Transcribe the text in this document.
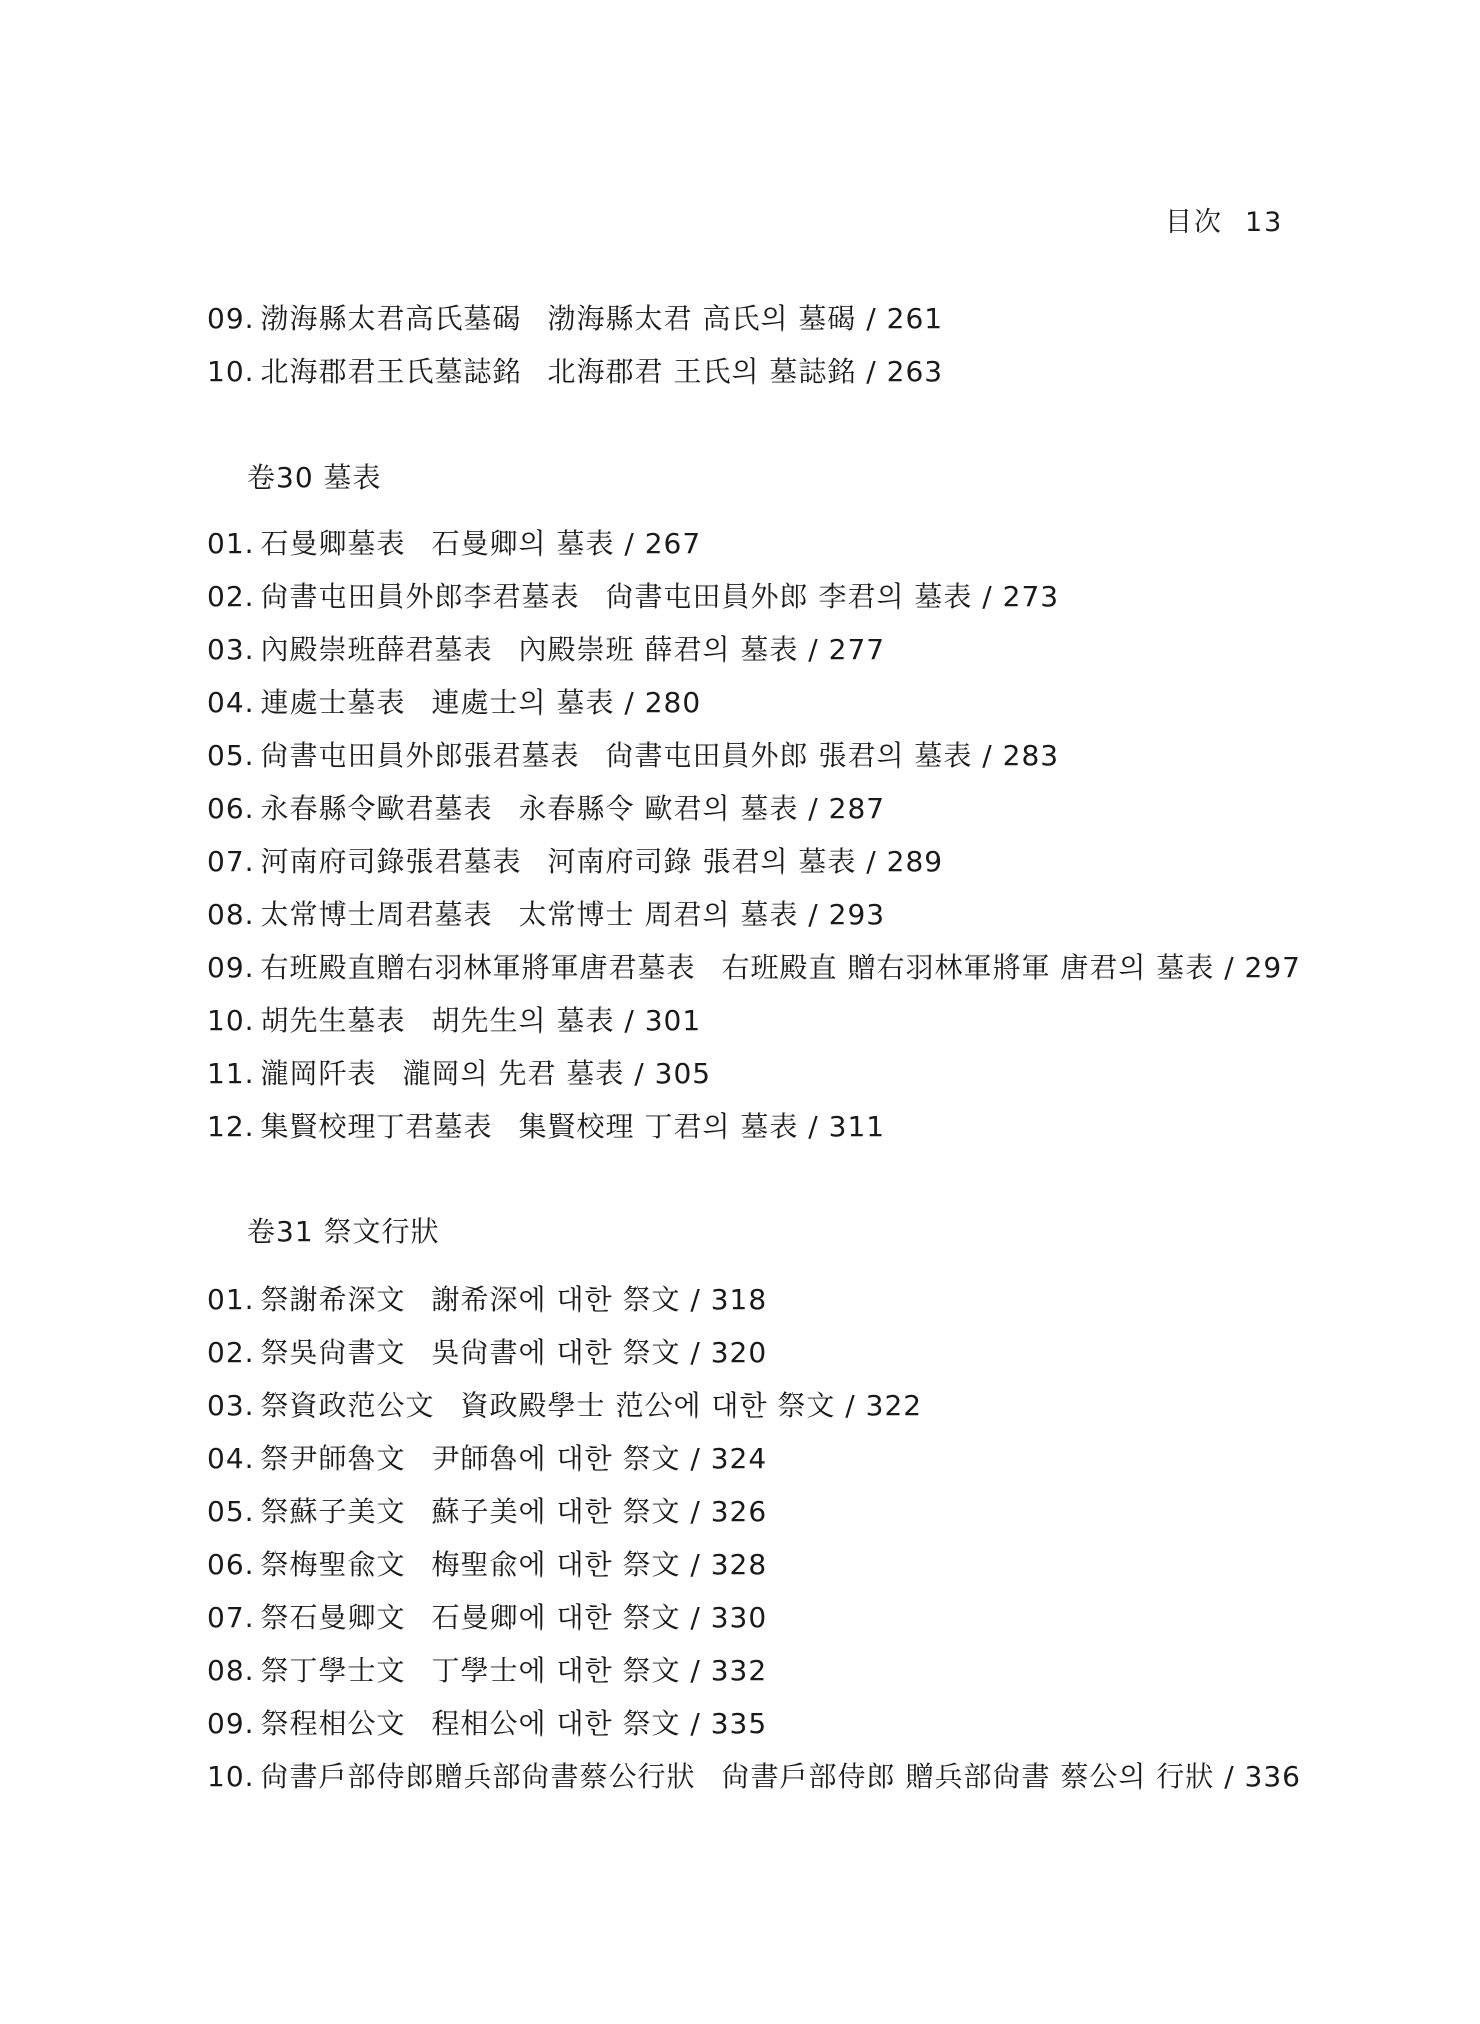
目次 13
09. 渤海縣太君高氏墓碣 渤海縣太君 高氏의 墓碣 / 261
10. 北海郡君王氏墓誌銘 北海郡君 王氏의 墓誌銘 / 263
卷30 墓表
01. 石曼卿墓表 石曼卿의 墓表 / 267
02. 尙書屯田員外郎李君墓表 尙書屯田員外郎 李君의 墓表 / 273
03. 內殿崇班薛君墓表 內殿崇班 薛君의 墓表 / 277
04. 連處士墓表 連處士의 墓表 / 280
05. 尙書屯田員外郎張君墓表 尙書屯田員外郎 張君의 墓表 / 283
06. 永春縣令歐君墓表 永春縣令 歐君의 墓表 / 287
07. 河南府司錄張君墓表 河南府司錄 張君의 墓表 / 289
08. 太常博士周君墓表 太常博士 周君의 墓表 / 293
09. 右班殿直贈右羽林軍將軍唐君墓表 右班殿直 贈右羽林軍將軍 唐君의 墓表 / 297
10. 胡先生墓表 胡先生의 墓表 / 301
11. 瀧岡阡表 瀧岡의 先君 墓表 / 305
12. 集賢校理丁君墓表 集賢校理 丁君의 墓表 / 311
卷31 祭文行狀
01. 祭謝希深文 謝希深에 대한 祭文 / 318
02. 祭吳尙書文 吳尙書에 대한 祭文 / 320
03. 祭資政范公文 資政殿學士 范公에 대한 祭文 / 322
04. 祭尹師魯文 尹師魯에 대한 祭文 / 324
05. 祭蘇子美文 蘇子美에 대한 祭文 / 326
06. 祭梅聖兪文 梅聖兪에 대한 祭文 / 328
07. 祭石曼卿文 石曼卿에 대한 祭文 / 330
08. 祭丁學士文 丁學士에 대한 祭文 / 332
09. 祭程相公文 程相公에 대한 祭文 / 335
10. 尙書戶部侍郎贈兵部尙書蔡公行狀 尙書戶部侍郎 贈兵部尙書 蔡公의 行狀 / 336
